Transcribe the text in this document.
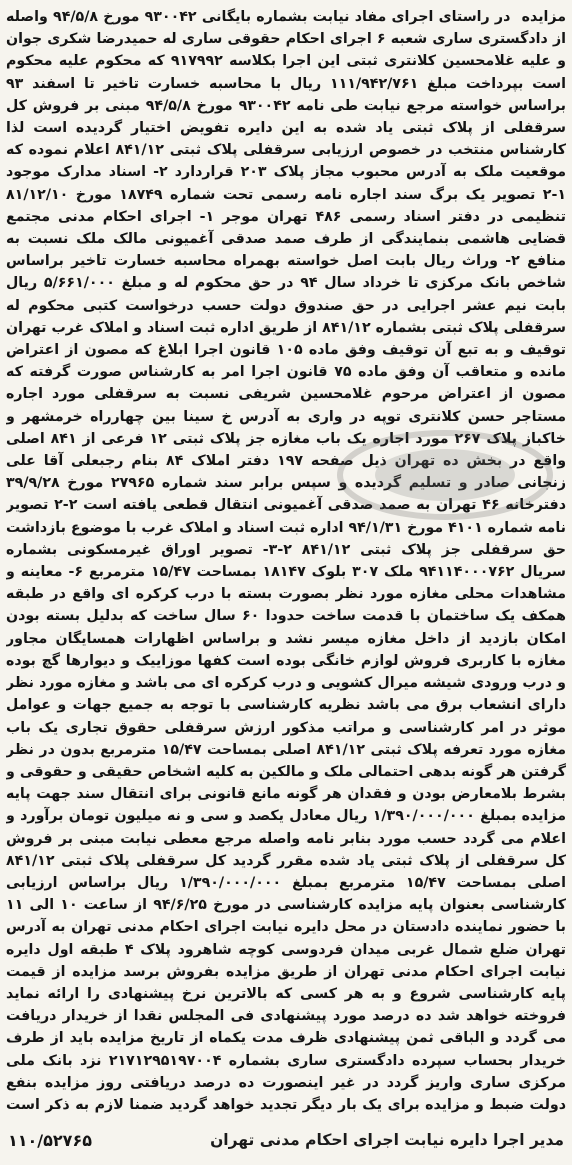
مزایده در راستای اجرای مفاد نیابت بشماره بایگانی ۹۳۰۰۴۲ مورخ ۹۴/۵/۸ واصله از دادگستری ساری شعبه ۶ اجرای احکام حقوقی ساری له حمیدرضا شکری جوان و علیه غلامحسین کلانتری ثبتی این اجرا بکلاسه ۹۱۷۹۹۲ که محکوم علیه محکوم است بپرداخت مبلغ ۱۱۱/۹۴۲/۷۶۱ ریال با محاسبه خسارت تاخیر تا اسفند ۹۳ براساس خواسته مرجع نیابت طی نامه ۹۳۰۰۴۲ مورخ ۹۴/۵/۸ مبنی بر فروش کل سرقفلی از پلاک ثبتی یاد شده به این دایره تفویض اختیار گردیده است لذا کارشناس منتخب در خصوص ارزیابی سرقفلی پلاک ثبتی ۸۴۱/۱۲ اعلام نموده که موقعیت ملک به آدرس محبوب مجاز پلاک ۲۰۳ قراردارد ۲- اسناد مدارک موجود ۱-۲ تصویر یک برگ سند اجاره نامه رسمی تحت شماره ۱۸۷۴۹ مورخ ۸۱/۱۲/۱۰ تنظیمی در دفتر اسناد رسمی ۴۸۶ تهران موجر ۱- اجرای احکام مدنی مجتمع قضایی هاشمی بنمایندگی از طرف صمد صدقی آغمیونی مالک ملک نسبت به منافع ۲- وراث ریال بابت اصل خواسته بهمراه محاسبه خسارت تاخیر براساس شاخص بانک مرکزی تا خرداد سال ۹۴ در حق محکوم له و مبلغ ۵/۶۶۱/۰۰۰ ریال بابت نیم عشر اجرایی در حق صندوق دولت حسب درخواست کتبی محکوم له سرقفلی پلاک ثبتی بشماره ۸۴۱/۱۲ از طریق اداره ثبت اسناد و املاک غرب تهران توقیف و به تبع آن توقیف وفق ماده ۱۰۵ قانون اجرا ابلاغ که مصون از اعتراض مانده و متعاقب آن وفق ماده ۷۵ قانون اجرا امر به کارشناس صورت گرفته که مصون از اعتراض مرحوم غلامحسین شریفی نسبت به سرقفلی مورد اجاره مستاجر حسن کلانتری توپه در واری به آدرس خ سینا بین چهارراه خرمشهر و خاکباز پلاک ۲۶۷ مورد اجاره یک باب مغازه جز پلاک ثبتی ۱۲ فرعی از ۸۴۱ اصلی واقع در بخش ده تهران ذیل صفحه ۱۹۷ دفتر املاک ۸۴ بنام رجبعلی آقا علی زنجانی صادر و تسلیم گردیده و سپس برابر سند شماره ۲۷۹۶۵ مورخ ۳۹/۹/۲۸ دفترخانه ۴۶ تهران به صمد صدقی آغمیونی انتقال قطعی یافته است ۲-۲ تصویر نامه شماره ۴۱۰۱ مورخ ۹۴/۱/۳۱ اداره ثبت اسناد و املاک غرب با موضوع بازداشت حق سرقفلی جز پلاک ثبتی ۸۴۱/۱۲ ۲-۳- تصویر اوراق غیرمسکونی بشماره سریال ۹۴۱۱۴۰۰۰۷۶۲ ملک ۳۰۷ بلوک ۱۸۱۴۷ بمساحت ۱۵/۴۷ مترمربع ۶- معاینه و مشاهدات محلی مغازه مورد نظر بصورت بسته با درب کرکره ای واقع در طبقه همکف یک ساختمان با قدمت ساخت حدودا ۶۰ سال ساخت که بدلیل بسته بودن امکان بازدید از داخل مغازه میسر نشد و براساس اظهارات همسایگان مجاور مغازه با کاربری فروش لوازم خانگی بوده است کفها موزاییک و دیوارها گچ بوده و درب ورودی شیشه میرال کشویی و درب کرکره ای می باشد و مغازه مورد نظر دارای انشعاب برق می باشد نظریه کارشناسی با توجه به جمیع جهات و عوامل موثر در امر کارشناسی و مراتب مذکور ارزش سرقفلی حقوق تجاری یک باب مغازه مورد تعرفه پلاک ثبتی ۸۴۱/۱۲ اصلی بمساحت ۱۵/۴۷ مترمربع بدون در نظر گرفتن هر گونه بدهی احتمالی ملک و مالکین به کلیه اشخاص حقیقی و حقوقی و بشرط بلامعارض بودن و فقدان هر گونه مانع قانونی برای انتقال سند جهت پایه مزایده بمبلغ ۱/۳۹۰/۰۰۰/۰۰۰ ریال معادل یکصد و سی و نه میلیون تومان برآورد و اعلام می گردد حسب مورد بنابر نامه واصله مرجع معطی نیابت مبنی بر فروش کل سرقفلی از پلاک ثبتی یاد شده مقرر گردید کل سرقفلی پلاک ثبتی ۸۴۱/۱۲ اصلی بمساحت ۱۵/۴۷ مترمربع بمبلغ ۱/۳۹۰/۰۰۰/۰۰۰ ریال براساس ارزیابی کارشناسی بعنوان پایه مزایده کارشناسی در مورخ ۹۴/۶/۲۵ از ساعت ۱۰ الی ۱۱ با حضور نماینده دادستان در محل دایره نیابت اجرای احکام مدنی تهران به آدرس تهران ضلع شمال غربی میدان فردوسی کوچه شاهرود پلاک ۴ طبقه اول دایره نیابت اجرای احکام مدنی تهران از طریق مزایده بفروش برسد مزایده از قیمت پایه کارشناسی شروع و به هر کسی که بالاترین نرخ پیشنهادی را ارائه نماید فروخته خواهد شد ده درصد مورد پیشنهادی فی المجلس نقدا از خریدار دریافت می گردد و الباقی ثمن پیشنهادی ظرف مدت یکماه از تاریخ مزایده باید از طرف خریدار بحساب سپرده دادگستری ساری بشماره ۲۱۷۱۲۹۵۱۹۷۰۰۴ نزد بانک ملی مرکزی ساری واریز گردد در غیر اینصورت ده درصد دریافتی روز مزایده بنفع دولت ضبط و مزایده برای یک بار دیگر تجدید خواهد گردید ضمنا لازم به ذکر است
۱۱۰/۵۲۷۶۵	مدیر اجرا دایره نیابت اجرای احکام مدنی تهران
